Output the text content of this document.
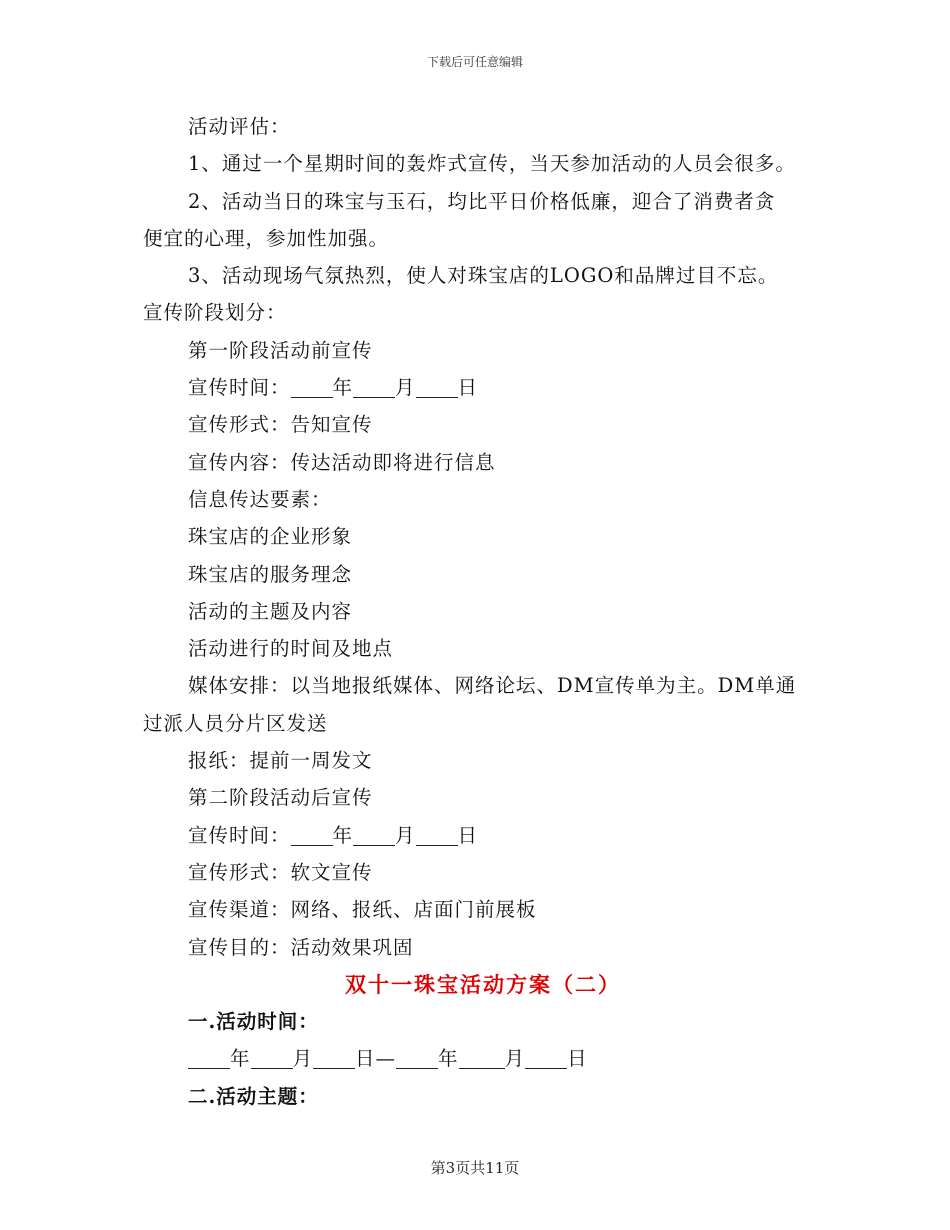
下载后可任意编辑
活动评估：
1、通过一个星期时间的轰炸式宣传，当天参加活动的人员会很多。
2、活动当日的珠宝与玉石，均比平日价格低廉，迎合了消费者贪
便宜的心理，参加性加强。
3、活动现场气氛热烈，使人对珠宝店的LOGO和品牌过目不忘。
宣传阶段划分：
第一阶段活动前宣传
宣传时间： 年 月 日
宣传形式：告知宣传
宣传内容：传达活动即将进行信息
信息传达要素：
珠宝店的企业形象
珠宝店的服务理念
活动的主题及内容
活动进行的时间及地点
媒体安排：以当地报纸媒体、网络论坛、DM宣传单为主。DM单通
过派人员分片区发送
报纸：提前一周发文
第二阶段活动后宣传
宣传时间： 年 月 日
宣传形式：软文宣传
宣传渠道：网络、报纸、店面门前展板
宣传目的：活动效果巩固
双十一珠宝活动方案（二）
一.活动时间：
年 月 日— 年 月 日
二.活动主题：
第3页共11页
